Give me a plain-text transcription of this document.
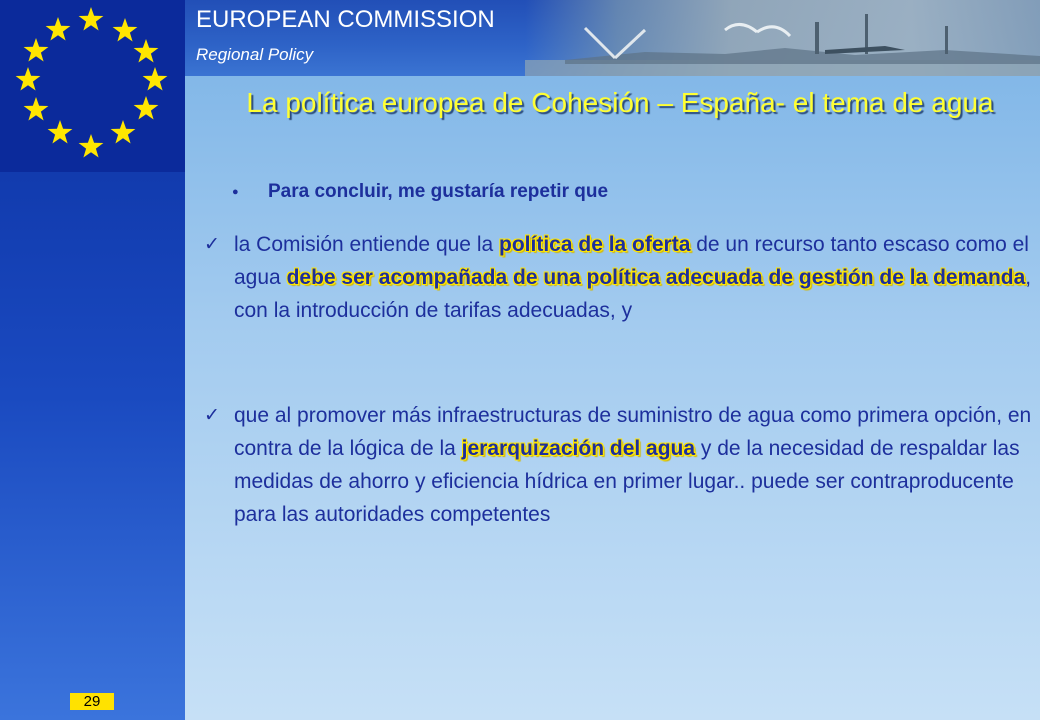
29
EUROPEAN COMMISSION
Regional Policy
La política europea de Cohesión – España- el tema de agua
● Para concluir, me gustaría repetir que
✓ la Comisión entiende que la política de la oferta de un recurso tanto escaso como el agua debe ser acompañada de una política adecuada de gestión de la demanda, con la introducción de tarifas adecuadas, y
✓ que al promover más infraestructuras de suministro de agua como primera opción, en contra de la lógica de la jerarquización del agua y de la necesidad de respaldar las medidas de ahorro y eficiencia hídrica en primer lugar.. puede ser contraproducente para las autoridades competentes
